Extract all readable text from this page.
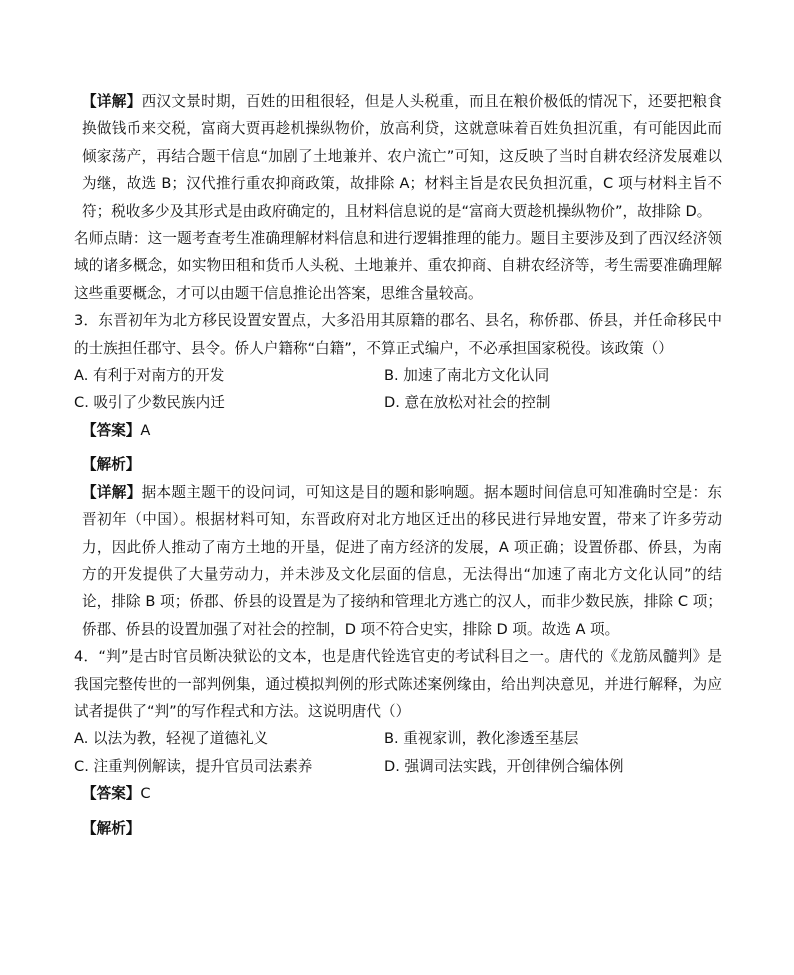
【详解】西汉文景时期，百姓的田租很轻，但是人头税重，而且在粮价极低的情况下，还要把粮食换做钱币来交税，富商大贾再趁机操纵物价，放高利贷，这就意味着百姓负担沉重，有可能因此而倾家荡产，再结合题干信息“加剧了土地兼并、农户流亡”可知，这反映了当时自耕农经济发展难以为继，故选 B；汉代推行重农抑商政策，故排除 A；材料主旨是农民负担沉重，C 项与材料主旨不符；税收多少及其形式是由政府确定的，且材料信息说的是“富商大贾趁机操纵物价”，故排除 D。

名师点睛：这一题考查考生准确理解材料信息和进行逻辑推理的能力。题目主要涉及到了西汉经济领域的诸多概念，如实物田租和货币人头税、土地兼并、重农抑商、自耕农经济等，考生需要准确理解这些重要概念，才可以由题干信息推论出答案，思维含量较高。

3．东晋初年为北方移民设置安置点，大多沿用其原籍的郡名、县名，称侨郡、侨县，并任命移民中的士族担任郡守、县令。侨人户籍称“白籍”，不算正式编户，不必承担国家税役。该政策（）

A. 有利于对南方的开发	B. 加速了南北方文化认同
C. 吸引了少数民族内迁	D. 意在放松对社会的控制
【答案】A
【解析】

【详解】据本题主题干的设问词，可知这是目的题和影响题。据本题时间信息可知准确时空是：东晋初年（中国）。根据材料可知，东晋政府对北方地区迁出的移民进行异地安置，带来了许多劳动力，因此侨人推动了南方土地的开垦，促进了南方经济的发展，A 项正确；设置侨郡、侨县，为南方的开发提供了大量劳动力，并未涉及文化层面的信息，无法得出“加速了南北方文化认同”的结论，排除 B 项；侨郡、侨县的设置是为了接纳和管理北方逃亡的汉人，而非少数民族，排除 C 项；侨郡、侨县的设置加强了对社会的控制，D 项不符合史实，排除 D 项。故选 A 项。

4．“判”是古时官员断决狱讼的文本，也是唐代铨选官吏的考试科目之一。唐代的《龙筋凤髓判》是我国完整传世的一部判例集，通过模拟判例的形式陈述案例缘由，给出判决意见，并进行解释，为应试者提供了“判”的写作程式和方法。这说明唐代（）

A. 以法为教，轻视了道德礼义	B. 重视家训，教化渗透至基层
C. 注重判例解读，提升官员司法素养	D. 强调司法实践，开创律例合编体例
【答案】C
【解析】
